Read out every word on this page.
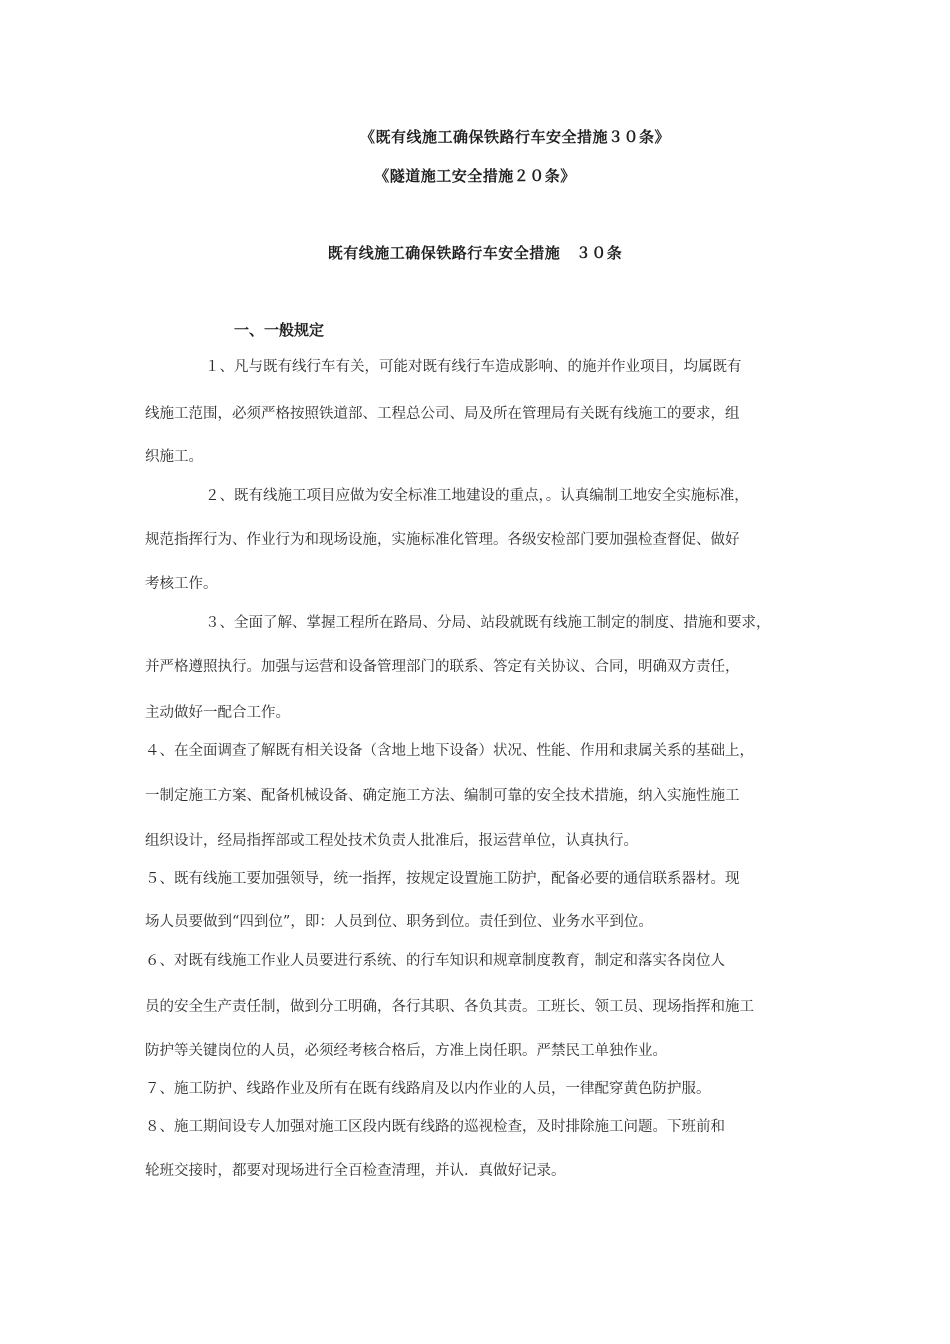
《既有线施工确保铁路行车安全措施３０条》
《隧道施工安全措施２０条》
既有线施工确保铁路行车安全措施　３０条
一、一般规定
１、凡与既有线行车有关，可能对既有线行车造成影响、的施并作业项目，均属既有
线施工范围，必须严格按照铁道部、工程总公司、局及所在管理局有关既有线施工的要求，组
织施工。
２、既有线施工项目应做为安全标准工地建设的重点，。认真编制工地安全实施标准，
规范指挥行为、作业行为和现场设施，实施标准化管理。各级安检部门要加强检查督促、做好
考核工作。
３、全面了解、掌握工程所在路局、分局、站段就既有线施工制定的制度、措施和要求，
并严格遵照执行。加强与运营和设备管理部门的联系、答定有关协议、合同，明确双方责任，
主动做好一配合工作。
４、在全面调查了解既有相关设备（含地上地下设备）状况、性能、作用和隶属关系的基础上，
一制定施工方案、配备机械设备、确定施工方法、编制可靠的安全技术措施，纳入实施性施工
组织设计，经局指挥部或工程处技术负责人批准后，报运营单位，认真执行。
５、既有线施工要加强领导，统一指挥，按规定设置施工防护，配备必要的通信联系器材。现
场人员要做到“四到位”，即：人员到位、职务到位。责任到位、业务水平到位。
６、对既有线施工作业人员要进行系统、的行车知识和规章制度教育，制定和落实各岗位人
员的安全生产责任制，做到分工明确，各行其职、各负其责。工班长、领工员、现场指挥和施工
防护等关键岗位的人员，必须经考核合格后，方准上岗任职。严禁民工单独作业。
７、施工防护、线路作业及所有在既有线路肩及以内作业的人员，一律配穿黄色防护服。
８、施工期间设专人加强对施工区段内既有线路的巡视检查，及时排除施工问题。下班前和
轮班交接时，都要对现场进行全百检查清理，并认．真做好记录。
